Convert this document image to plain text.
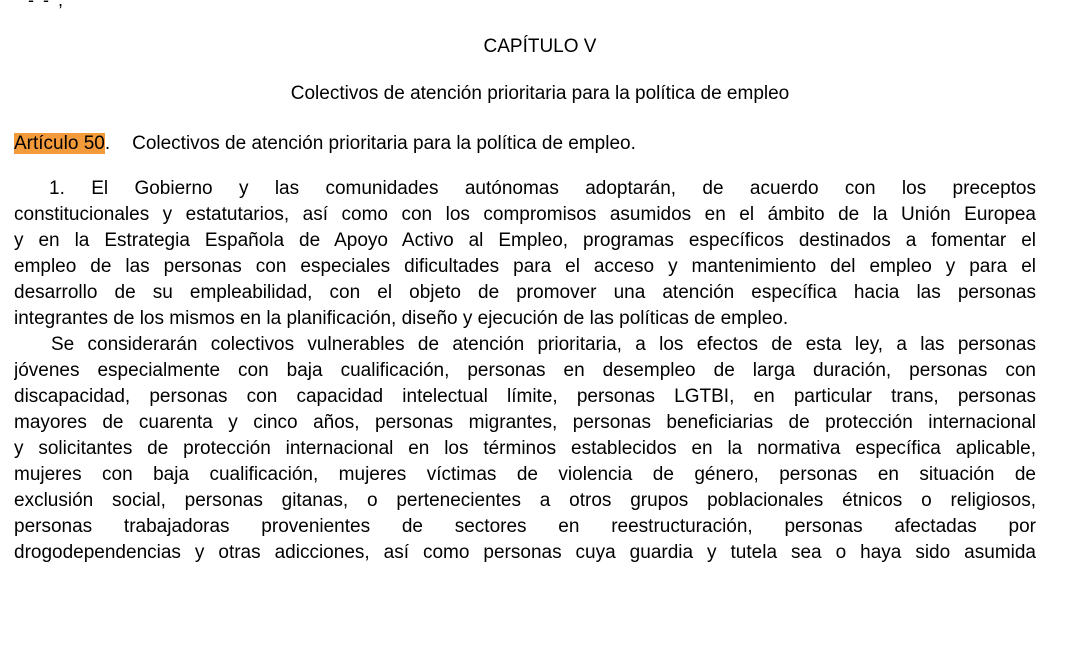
- - ,
CAPÍTULO V
Colectivos de atención prioritaria para la política de empleo
Artículo 50. Colectivos de atención prioritaria para la política de empleo.
1. El Gobierno y las comunidades autónomas adoptarán, de acuerdo con los preceptos
constitucionales y estatutarios, así como con los compromisos asumidos en el ámbito de la Unión Europea
y en la Estrategia Española de Apoyo Activo al Empleo, programas específicos destinados a fomentar el
empleo de las personas con especiales dificultades para el acceso y mantenimiento del empleo y para el
desarrollo de su empleabilidad, con el objeto de promover una atención específica hacia las personas
integrantes de los mismos en la planificación, diseño y ejecución de las políticas de empleo.
Se considerarán colectivos vulnerables de atención prioritaria, a los efectos de esta ley, a las personas
jóvenes especialmente con baja cualificación, personas en desempleo de larga duración, personas con
discapacidad, personas con capacidad intelectual límite, personas LGTBI, en particular trans, personas
mayores de cuarenta y cinco años, personas migrantes, personas beneficiarias de protección internacional
y solicitantes de protección internacional en los términos establecidos en la normativa específica aplicable,
mujeres con baja cualificación, mujeres víctimas de violencia de género, personas en situación de
exclusión social, personas gitanas, o pertenecientes a otros grupos poblacionales étnicos o religiosos,
personas trabajadoras provenientes de sectores en reestructuración, personas afectadas por
drogodependencias y otras adicciones, así como personas cuya guardia y tutela sea o haya sido asumida
